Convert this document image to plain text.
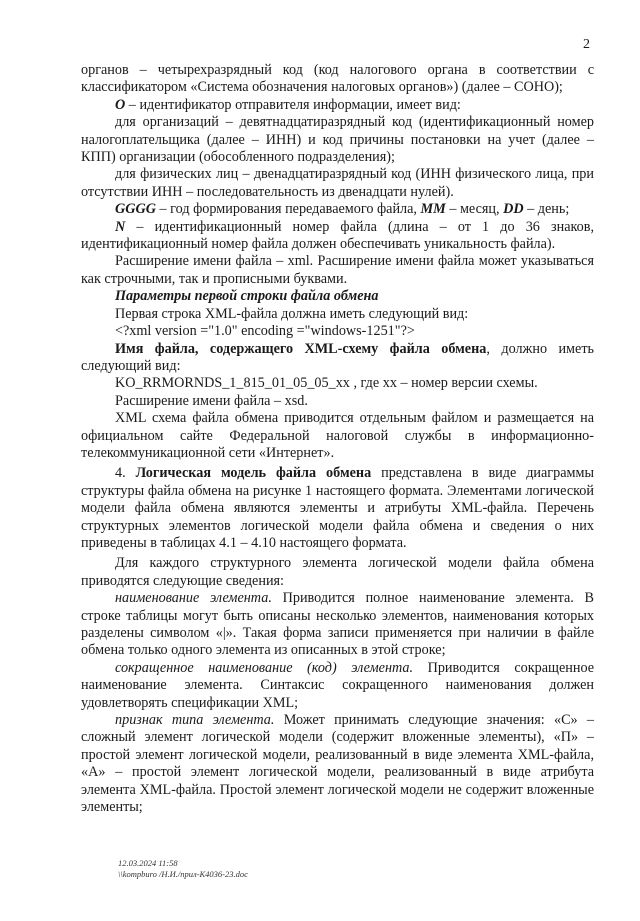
2

органов – четырехразрядный код (код налогового органа в соответствии с классификатором «Система обозначения налоговых органов») (далее – СОНО);

O – идентификатор отправителя информации, имеет вид:

для организаций – девятнадцатиразрядный код (идентификационный номер налогоплательщика (далее – ИНН) и код причины постановки на учет (далее – КПП) организации (обособленного подразделения);

для физических лиц – двенадцатиразрядный код (ИНН физического лица, при отсутствии ИНН – последовательность из двенадцати нулей).

GGGG – год формирования передаваемого файла, MM – месяц, DD – день;

N – идентификационный номер файла (длина – от 1 до 36 знаков, идентификационный номер файла должен обеспечивать уникальность файла).

Расширение имени файла – xml. Расширение имени файла может указываться как строчными, так и прописными буквами.

Параметры первой строки файла обмена

Первая строка XML-файла должна иметь следующий вид:

<?xml version ="1.0" encoding ="windows-1251"?>

Имя файла, содержащего XML-схему файла обмена, должно иметь следующий вид:

KO_RRMORNDS_1_815_01_05_05_xx , где xx – номер версии схемы.

Расширение имени файла – xsd.

XML схема файла обмена приводится отдельным файлом и размещается на официальном сайте Федеральной налоговой службы в информационно-телекоммуникационной сети «Интернет».

4. Логическая модель файла обмена представлена в виде диаграммы структуры файла обмена на рисунке 1 настоящего формата. Элементами логической модели файла обмена являются элементы и атрибуты XML-файла. Перечень структурных элементов логической модели файла обмена и сведения о них приведены в таблицах 4.1 – 4.10 настоящего формата.

Для каждого структурного элемента логической модели файла обмена приводятся следующие сведения:

наименование элемента. Приводится полное наименование элемента. В строке таблицы могут быть описаны несколько элементов, наименования которых разделены символом «|». Такая форма записи применяется при наличии в файле обмена только одного элемента из описанных в этой строке;

сокращенное наименование (код) элемента. Приводится сокращенное наименование элемента. Синтаксис сокращенного наименования должен удовлетворять спецификации XML;

признак типа элемента. Может принимать следующие значения: «С» – сложный элемент логической модели (содержит вложенные элементы), «П» – простой элемент логической модели, реализованный в виде элемента XML-файла, «А» – простой элемент логической модели, реализованный в виде атрибута элемента XML-файла. Простой элемент логической модели не содержит вложенные элементы;

12.03.2024 11:58
\\kompburo /Н.И./прил-К4036-23.doc
